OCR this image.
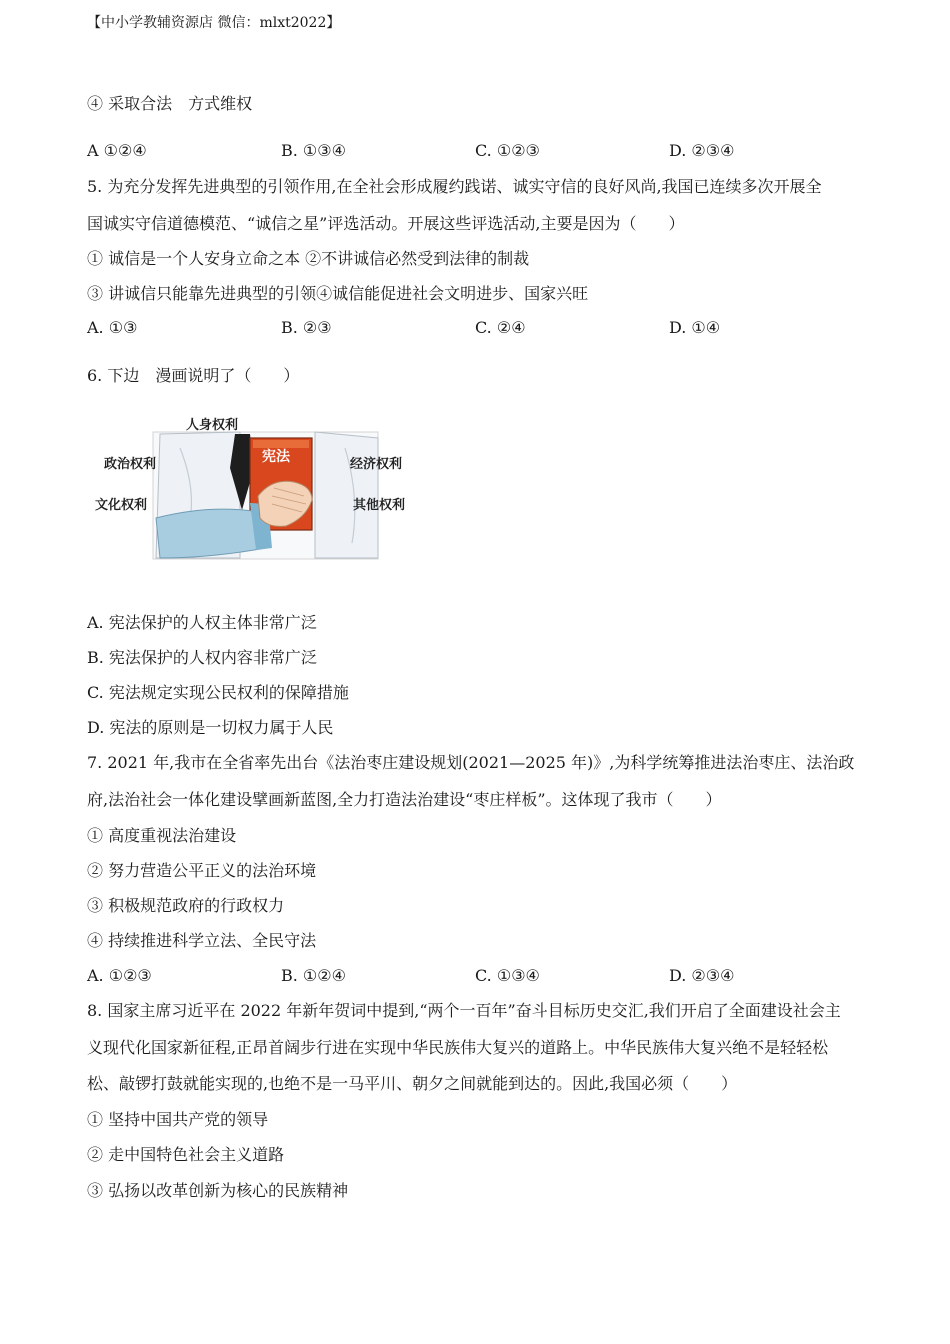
【中小学教辅资源店 微信：mlxt2022】
④ 采取合法　方式维权
A ①②④	B. ①③④	C. ①②③	D. ②③④
5. 为充分发挥先进典型的引领作用,在全社会形成履约践诺、诚实守信的良好风尚,我国已连续多次开展全
国诚实守信道德模范、“诚信之星”评选活动。开展这些评选活动,主要是因为（　　）
① 诚信是一个人安身立命之本 ②不讲诚信必然受到法律的制裁
③ 讲诚信只能靠先进典型的引领④诚信能促进社会文明进步、国家兴旺
A. ①③	B. ②③	C. ②④	D. ①④
6. 下边　漫画说明了（　　）
人身权利
政治权利
文化权利
经济权利
其他权利
宪法
A. 宪法保护的人权主体非常广泛
B. 宪法保护的人权内容非常广泛
C. 宪法规定实现公民权利的保障措施
D. 宪法的原则是一切权力属于人民
7. 2021 年,我市在全省率先出台《法治枣庄建设规划(2021—2025 年)》,为科学统筹推进法治枣庄、法治政
府,法治社会一体化建设擘画新蓝图,全力打造法治建设“枣庄样板”。这体现了我市（　　）
① 高度重视法治建设
② 努力营造公平正义的法治环境
③ 积极规范政府的行政权力
④ 持续推进科学立法、全民守法
A. ①②③	B. ①②④	C. ①③④	D. ②③④
8. 国家主席习近平在 2022 年新年贺词中提到,“两个一百年”奋斗目标历史交汇,我们开启了全面建设社会主
义现代化国家新征程,正昂首阔步行进在实现中华民族伟大复兴的道路上。中华民族伟大复兴绝不是轻轻松
松、敲锣打鼓就能实现的,也绝不是一马平川、朝夕之间就能到达的。因此,我国必须（　　）
① 坚持中国共产党的领导
② 走中国特色社会主义道路
③ 弘扬以改革创新为核心的民族精神
